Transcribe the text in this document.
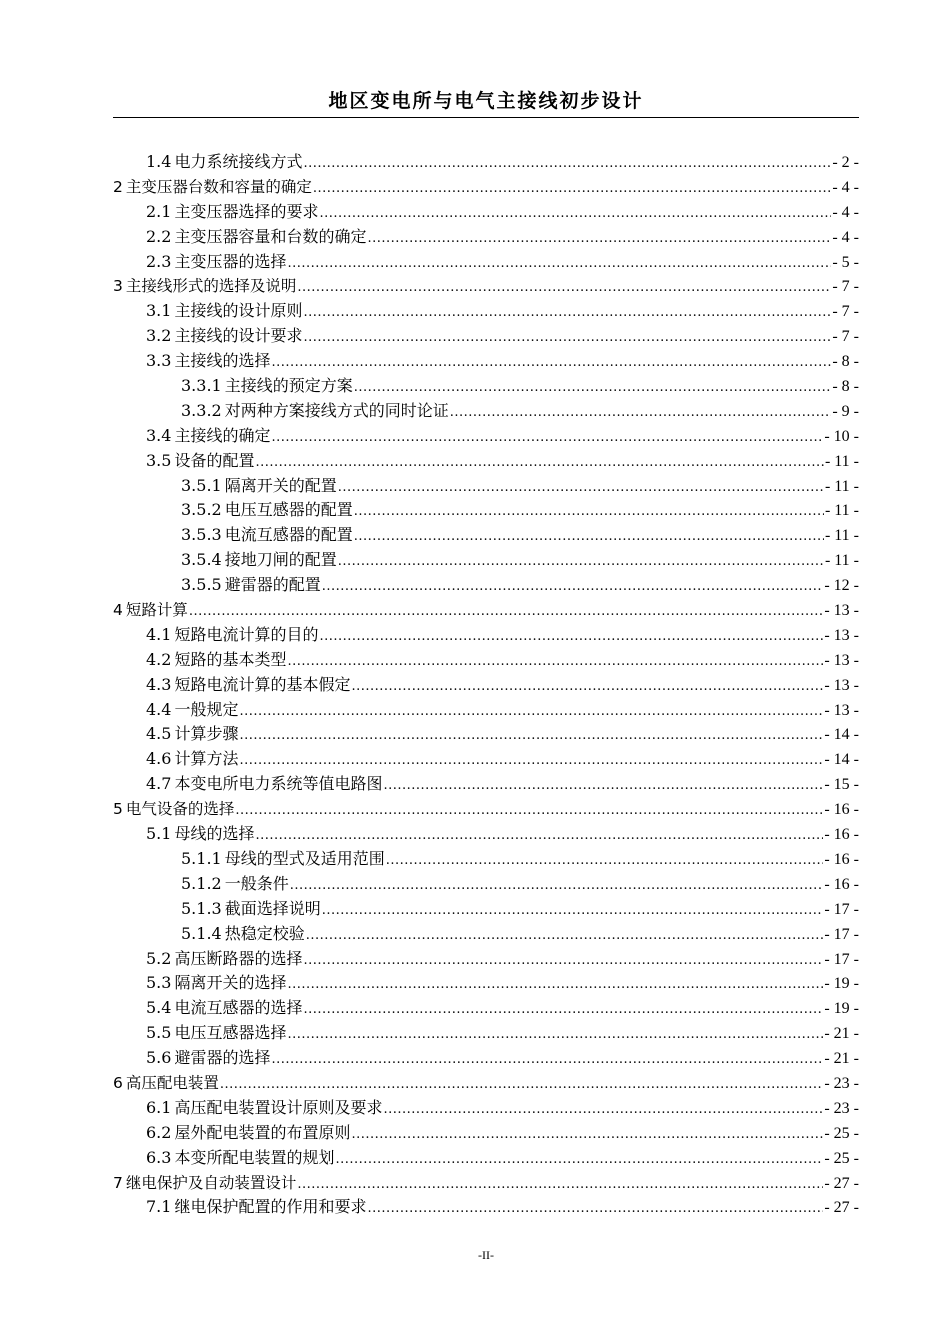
地区变电所与电气主接线初步设计
1.4 电力系统接线方式 .....	- 2 -
2 主变压器台数和容量的确定 .....	- 4 -
2.1 主变压器选择的要求 .....	- 4 -
2.2 主变压器容量和台数的确定 .....	- 4 -
2.3 主变压器的选择 .....	- 5 -
3 主接线形式的选择及说明 .....	- 7 -
3.1 主接线的设计原则 .....	- 7 -
3.2 主接线的设计要求 .....	- 7 -
3.3 主接线的选择 .....	- 8 -
3.3.1 主接线的预定方案 .....	- 8 -
3.3.2 对两种方案接线方式的同时论证 .....	- 9 -
3.4 主接线的确定 .....	- 10 -
3.5 设备的配置 .....	- 11 -
3.5.1 隔离开关的配置 .....	- 11 -
3.5.2 电压互感器的配置 .....	- 11 -
3.5.3 电流互感器的配置 .....	- 11 -
3.5.4 接地刀闸的配置 .....	- 11 -
3.5.5 避雷器的配置 .....	- 12 -
4 短路计算 .....	- 13 -
4.1 短路电流计算的目的 .....	- 13 -
4.2 短路的基本类型 .....	- 13 -
4.3 短路电流计算的基本假定 .....	- 13 -
4.4 一般规定 .....	- 13 -
4.5 计算步骤 .....	- 14 -
4.6 计算方法 .....	- 14 -
4.7 本变电所电力系统等值电路图 .....	- 15 -
5 电气设备的选择 .....	- 16 -
5.1 母线的选择 .....	- 16 -
5.1.1 母线的型式及适用范围 .....	- 16 -
5.1.2 一般条件 .....	- 16 -
5.1.3 截面选择说明 .....	- 17 -
5.1.4 热稳定校验 .....	- 17 -
5.2 高压断路器的选择 .....	- 17 -
5.3 隔离开关的选择 .....	- 19 -
5.4 电流互感器的选择 .....	- 19 -
5.5 电压互感器选择 .....	- 21 -
5.6 避雷器的选择 .....	- 21 -
6 高压配电装置 .....	- 23 -
6.1 高压配电装置设计原则及要求 .....	- 23 -
6.2 屋外配电装置的布置原则 .....	- 25 -
6.3 本变所配电装置的规划 .....	- 25 -
7 继电保护及自动装置设计 .....	- 27 -
7.1 继电保护配置的作用和要求 .....	- 27 -
-II-
